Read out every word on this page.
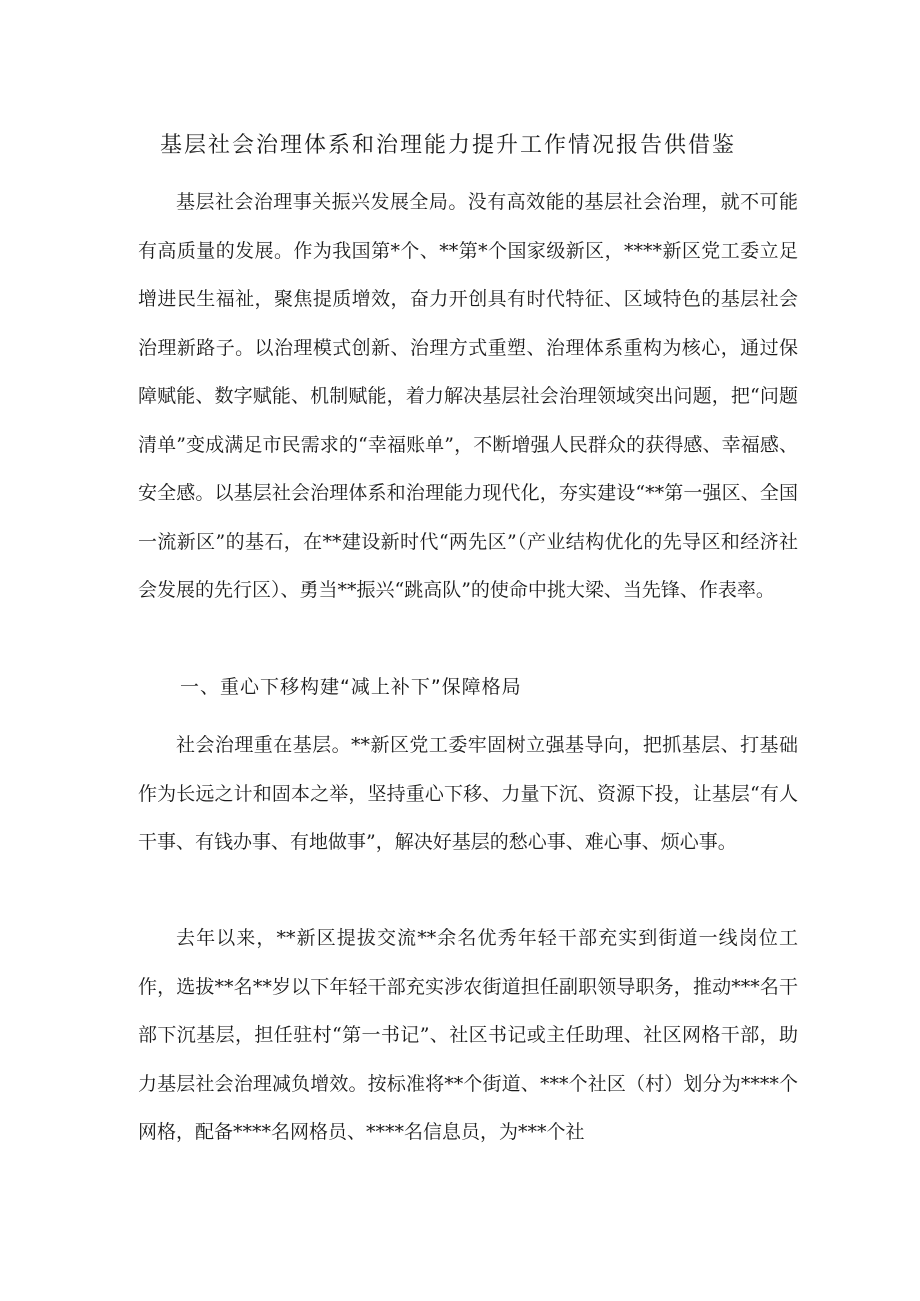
基层社会治理体系和治理能力提升工作情况报告供借鉴

基层社会治理事关振兴发展全局。没有高效能的基层社会治理，就不可能有高质量的发展。作为我国第*个、**第*个国家级新区，****新区党工委立足增进民生福祉，聚焦提质增效，奋力开创具有时代特征、区域特色的基层社会治理新路子。以治理模式创新、治理方式重塑、治理体系重构为核心，通过保障赋能、数字赋能、机制赋能，着力解决基层社会治理领域突出问题，把“问题清单”变成满足市民需求的“幸福账单”，不断增强人民群众的获得感、幸福感、安全感。以基层社会治理体系和治理能力现代化，夯实建设“**第一强区、全国一流新区”的基石，在**建设新时代“两先区”（产业结构优化的先导区和经济社会发展的先行区）、勇当**振兴“跳高队”的使命中挑大梁、当先锋、作表率。

一、重心下移构建“减上补下”保障格局

社会治理重在基层。**新区党工委牢固树立强基导向，把抓基层、打基础作为长远之计和固本之举，坚持重心下移、力量下沉、资源下投，让基层“有人干事、有钱办事、有地做事”，解决好基层的愁心事、难心事、烦心事。

去年以来，**新区提拔交流**余名优秀年轻干部充实到街道一线岗位工作，选拔**名**岁以下年轻干部充实涉农街道担任副职领导职务，推动***名干部下沉基层，担任驻村“第一书记”、社区书记或主任助理、社区网格干部，助力基层社会治理减负增效。按标准将**个街道、***个社区（村）划分为****个网格，配备****名网格员、****名信息员，为***个社
